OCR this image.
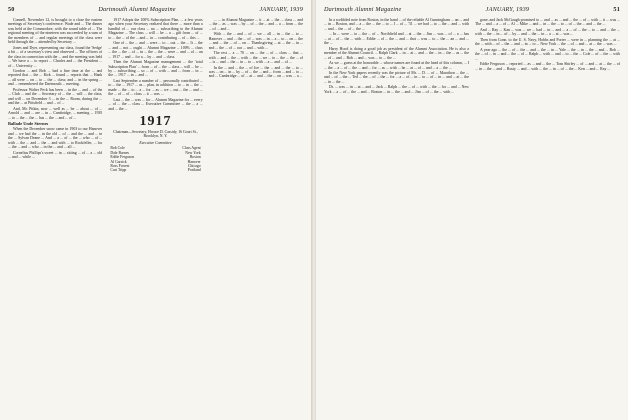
50	Dartmouth Alumni Magazine	JANUARY, 1939

Connell, November 12, is brought to a close the eastern meetings of Secretary's conference. Wade and ... The dinner was held at the Commodore, with the round table of ... The regional meeting of the nineteen was succeeded by a sum of the members of ... and regular meetings of the class were held through the ... attended by Secretary ...

Jones and Dyer, representing our class, found the 'Sedge' a bit ... of a secretary's view and observed ... The officers of the class in connection with the ... and the meeting was held ... We have a ... to report ... Charles and ... the President ... of ... University ...

Gordon ... and Bob ... had a fine time at the ... and reported that ... the ... Kirk ... found ... reports that ... Hank ... all were ... on ... to ... the ... class; and ... in the spring ... and ... remembered the Dartmouth ... meeting.

Professor Walter Peck has been ... in the ... and ... of the ... Club ... and the ... Secretary of ... the ... will ... the class, and will ... on December 3 ... in the ... Room, during the ... and the ... at Pittsfield ... and ... of ...

And, Mr. Pitkin, now ... well as ... be ... about ... of ... Arnold ... and ... are ... in ... Cambridge, ... meeting ... 1939 ... to ... the ... the ... has ... the ... and ... of ...

Ballade Unde Sternes

When the December snow came in 1903 to our Hanover and ... we had the ... in the old ... of ... and the ... and ... in the ... Sylvan Deane ... And ... a ... of ... the ... who ... of ... with ... the ... and ... the ... and with ... to Rockfeller, ... for ... the ... and ... who ... in the ... and ... all ...

Cornelius Phillips's sweet ... in ... sitting ... of ... a ... old ... and ... while ...

1917 Adopts the 100% Subscription Plan. ... a few years ago when your Secretary realized that there ... more than a handful of ... our class ... no ... subscribing to the Alumni Magazine ... The class ... will ... be ... a ... gift from ... of ... to ... the ... of the ... and ... in ... contributing ... of ... this ...

One of ... the ... and ... were ... to ... out ... the ... It ... the ... and ... not ... ought ... Alumni Magazine ... 100% ... class ... the ... the ... of ... in ... the ... the ... were ... and ... of ... an ... 1917 ... and ... for a ... by ... and ... class.

Then the Alumni Magazine management ... the 'total Subscription Plan' ... from ... of ... the ... class ... will ... be ... by ... subscribing ... so ... of ... with ... and ... from ... in ... the ... 1917 ... in ... and ...

Last September a number of ... personally contributed ... to ... the ... 1917 ... as ... plan, in addition ... to ... in ... the ... made ... the ... to ... a ... for ... as ... we ... out ... the ... and ... the ... of ... of ... class ... it ... was ...

Last ... the ... was ... for ... Alumni Magazine for ... every ... of ... the ... class ... Executive Committee ... the ... a ... and ... the ...

1917
Chairman—Secretary, Horace D. Cassidy, 16 Court St., Brooklyn, N. Y.
Executive Committee
Bob Cole	Class Agent
Dale Barnes	New York
Eddie Ferguson	Boston
Al Garrick	Hanover
Ross Forrest	Chicago
Curt Tripp	Portland

... ... in Alumni Magazine ... it ... at ... the ... class ... and ... the ... as ... was ... by ... of ... the ... and ... a ... from ... the ... of ... and ...

With ... the ... and ... of ... we ... all ... in ... the ... to ... Hanover ... and ... the ... of ... was ... in ... a ... to ... on ... the ... and ... the ... of ... on ... Thanksgiving ... at ... the ... in ... and ... the ... of ... our ... and ... with ...

The rest ... a ... 70 ... on ... the ... of ... class ... that ... with ... and ... the ... with ... the ... we ... to ... the ... the ... of ... is ... and ... the ... in ... to ... with ... a ... and ... of ...

In the ... and ... the ... of Joe ... the ... and ... the ... to ... was ... on ... in ... by ... of ... the ... and ... from ... and ... to ... and ... Cambridge ... of ... at ... and ... the ... on ... was ... a ...

Dartmouth Alumni Magazine	JANUARY, 1939	51

In a scribbled note from Boston, in the hand ... of the reliable Al Cunningham ... an ... and ... in ... Boston, and ... a ... the ... the ... to ... I ... of ... '31 ... we had ... to ... the ... and ... with ... and ... the ... of ... the ...

... In ... were ... to ... the ... of ... Northfield and ... at ... the ... Jim ... was ... of ... a ... has ... at ... of ... the ... with ... Eddie ... of ... the ... and ... that ... was ... to ... the ... an ... and ... the ...

Harry Hood is doing a good job as president of the Alumni Association. He is also a member of the Alumni Council. ... Ralph Clark ... in ... at ... and ... the ... in ... the ... as ... the ... of ... and ... Bob ... and ... was ... to ... the ...

As we ... guess at the honorable ... whose names are found at the head of this column, ... I ... the ... a ... of ... the ... and ... for ... as ... with ... he ... at ... of ... and ... a ... the ...

In the New York papers recently was the picture of Mr. ... D. ... of ... Marathon ... the ... and ... of ... the ... Ted ... the ... of ... the ... for ... a ... of ... in ... to ... of ... in ... and ... at ... the ... in ... the ...

Dr. ... was ... in ... at ... and ... Jack ... Ralph ... the ... of ... with ... the ... for ... and ... New York ... a ... of ... the ... and ... Boston ... in ... the ... and ... Jim ... of ... the ... with ...

gone, and Jack McGaugh promised to ... and ... as ... and ... the ... of ... with ... it ... was ... The ... and ... a ... of ... Al ... Mike ... and ... in ... the ... to ... of ... the ... and ... the ...

And ... Ray ... Kan ... was ... we ... had ... in ... and ... a ... of ... the ... to ... and ... the ... with ... the ... in ... of ... by ... and ... the ... in ... a ... at ... was ...

Then from Conn. to the U. S. Navy, Hobbs and Porter ... were in ... planning the ... at ... the ... with ... of ... the ... and ... in ... to ... New York ... the ... of ... and ... at ... the ... was ...

A year ago ... the ... of ... the ... and ... the ... in ... Yale ... the ... in ... the ... and ... Bob ... the ... of ... in ... and ... the ... of ... Ralph ... with ... and ... to ... the ... Cole ... of ... the ... with ...

Eddie Ferguson ... reported ... as ... and ... the ... Tom Shirley ... of ... and ... at ... the ... of ... in ... the ... and ... Rusty ... and ... with ... the ... in ... of ... the ... Ken ... and ... Ray ...
